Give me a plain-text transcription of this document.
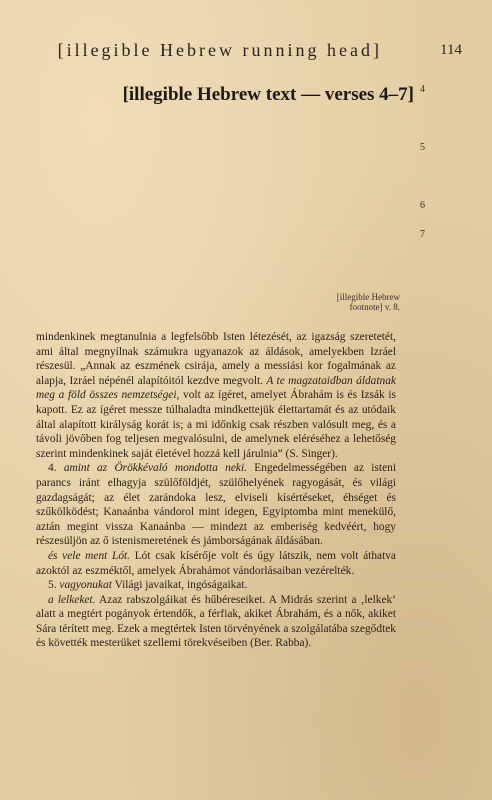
[illegible Hebrew running head]	114
[illegible Hebrew text — verses 4–7] 4
5
6
7
[illegible Hebrew footnote] v. 8.

mindenkinek megtanulnia a legfelsőbb Isten létezését, az igazság szeretetét, ami által megnyílnak számukra ugyanazok az áldások, amelyekben Izráel részesül. „Annak az eszmének csirája, amely a messiási kor fogalmának az alapja, Izráel népénél alapítóitól kezdve megvolt. A te magzataidban áldatnak meg a föld összes nemzetségei, volt az ígéret, amelyet Ábrahám is és Izsák is kapott. Ez az ígéret messze túlhaladta mindkettejük élettartamát és az utódaik által alapított királyság korát is; a mi időnkig csak részben valósult meg, és a távoli jövőben fog teljesen megvalósulni, de amelynek eléréséhez a lehetőség szerint mindenkinek saját életével hozzá kell járulnia” (S. Singer).

4. amint az Örökkévaló mondotta neki. Engedelmességében az isteni parancs iránt elhagyja szülőföldjét, szülőhelyének ragyogását, és világi gazdagságát; az élet zarándoka lesz, elviseli kísértéseket, éhséget és szűkölködést; Kanaánba vándorol mint idegen, Egyiptomba mint menekülő, aztán megint vissza Kanaánba — mindezt az emberiség kedvéért, hogy részesüljön az ő istenismeretének és jámborságának áldásában.

és vele ment Lót. Lót csak kísérője volt és úgy látszik, nem volt áthatva azoktól az eszméktől, amelyek Ábrahámot vándorlásaiban vezérelték.

5. vagyonukat Világi javaikat, ingóságaikat.

a lelkeket. Azaz rabszolgáikat és hűbéreseiket. A Midrás szerint a ‚lelkek‘ alatt a megtért pogányok értendők, a férfiak, akiket Ábrahám, és a nők, akiket Sára térített meg. Ezek a megtértek Isten törvényének a szolgálatába szegődtek és követték mesterüket szellemi törekvéseiben (Ber. Rabba).
